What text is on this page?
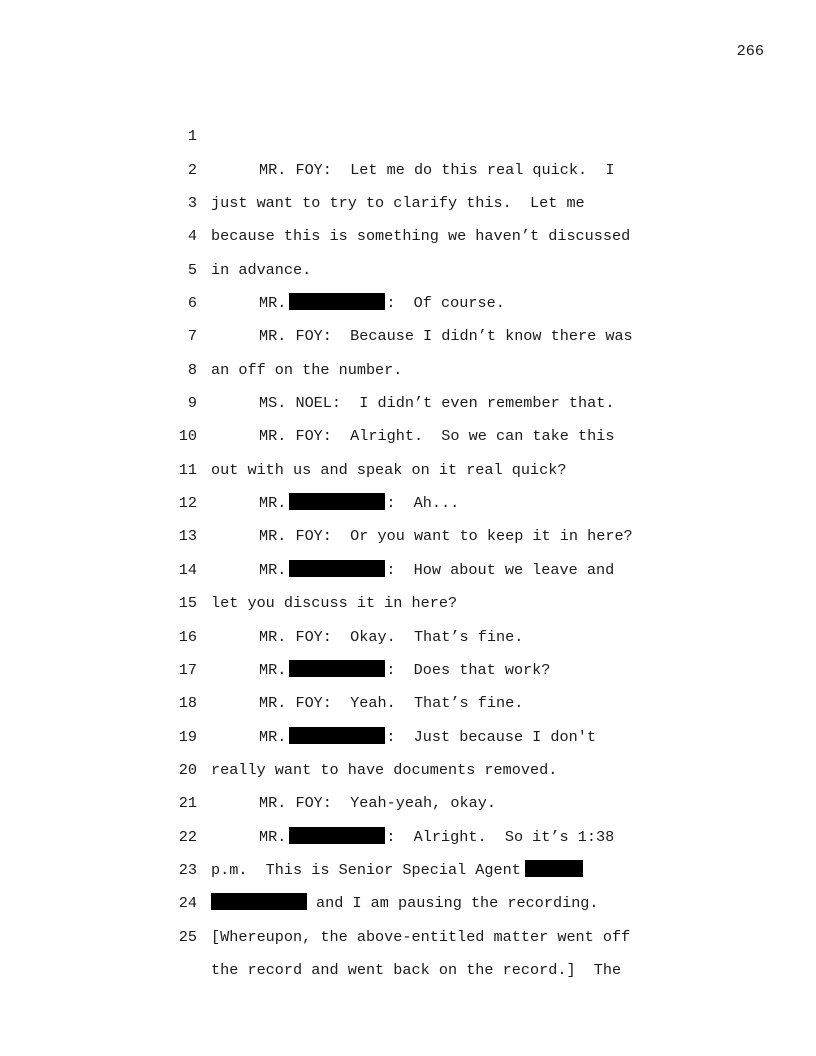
266

1

MR. FOY:  Let me do this real quick.  I

2

just want to try to clarify this.  Let me

3

because this is something we haven’t discussed

4

in advance.

5

MR.	:  Of course.

6

MR. FOY:  Because I didn’t know there was

7

an off on the number.

8

MS. NOEL:  I didn’t even remember that.

9

MR. FOY:  Alright.  So we can take this

10

out with us and speak on it real quick?

11

MR.	:  Ah...

12

MR. FOY:  Or you want to keep it in here?

13

MR.	:  How about we leave and

14

let you discuss it in here?

15

MR. FOY:  Okay.  That’s fine.

16

MR.	:  Does that work?

17

MR. FOY:  Yeah.  That’s fine.

18

MR.	:  Just because I don't

19

really want to have documents removed.

20

MR. FOY:  Yeah-yeah, okay.

21

MR.	:  Alright.  So it’s 1:38

22

p.m.  This is Senior Special Agent

23

and I am pausing the recording.

24

[Whereupon, the above-entitled matter went off

25

the record and went back on the record.]  The
